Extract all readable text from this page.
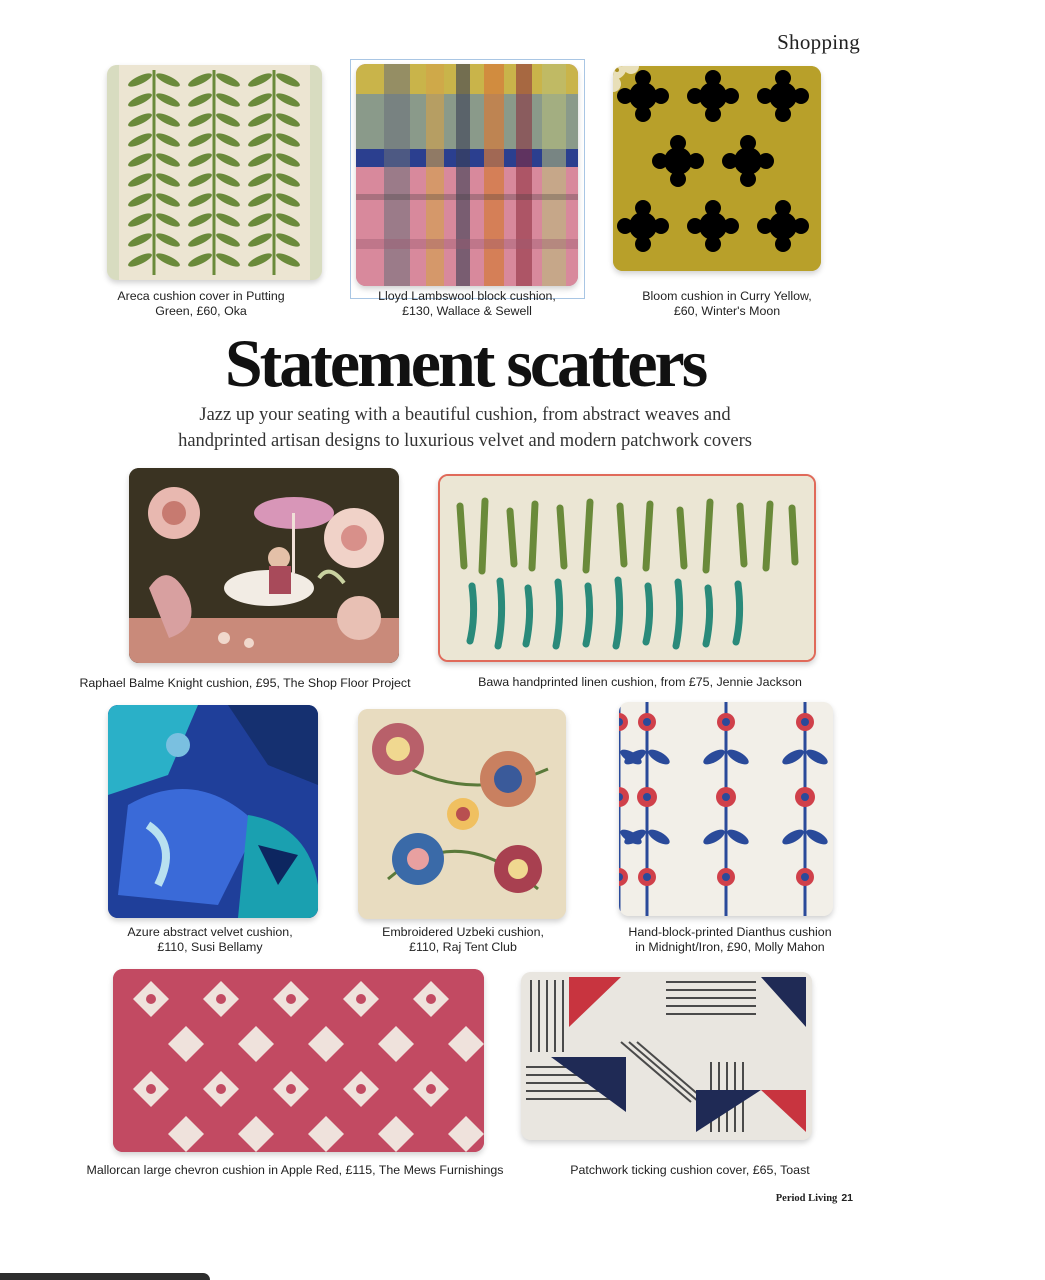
Shopping
Areca cushion cover in Putting
Green, £60, Oka
Lloyd Lambswool block cushion,
£130, Wallace & Sewell
Bloom cushion in Curry Yellow,
£60, Winter's Moon
Statement scatters
Jazz up your seating with a beautiful cushion, from abstract weaves and
handprinted artisan designs to luxurious velvet and modern patchwork covers
Raphael Balme Knight cushion, £95, The Shop Floor Project	Bawa handprinted linen cushion, from £75, Jennie Jackson
Azure abstract velvet cushion,
£110, Susi Bellamy
Embroidered Uzbeki cushion,
£110, Raj Tent Club
Hand-block-printed Dianthus cushion
in Midnight/Iron, £90, Molly Mahon
Mallorcan large chevron cushion in Apple Red, £115, The Mews Furnishings	Patchwork ticking cushion cover, £65, Toast
Period Living 21
